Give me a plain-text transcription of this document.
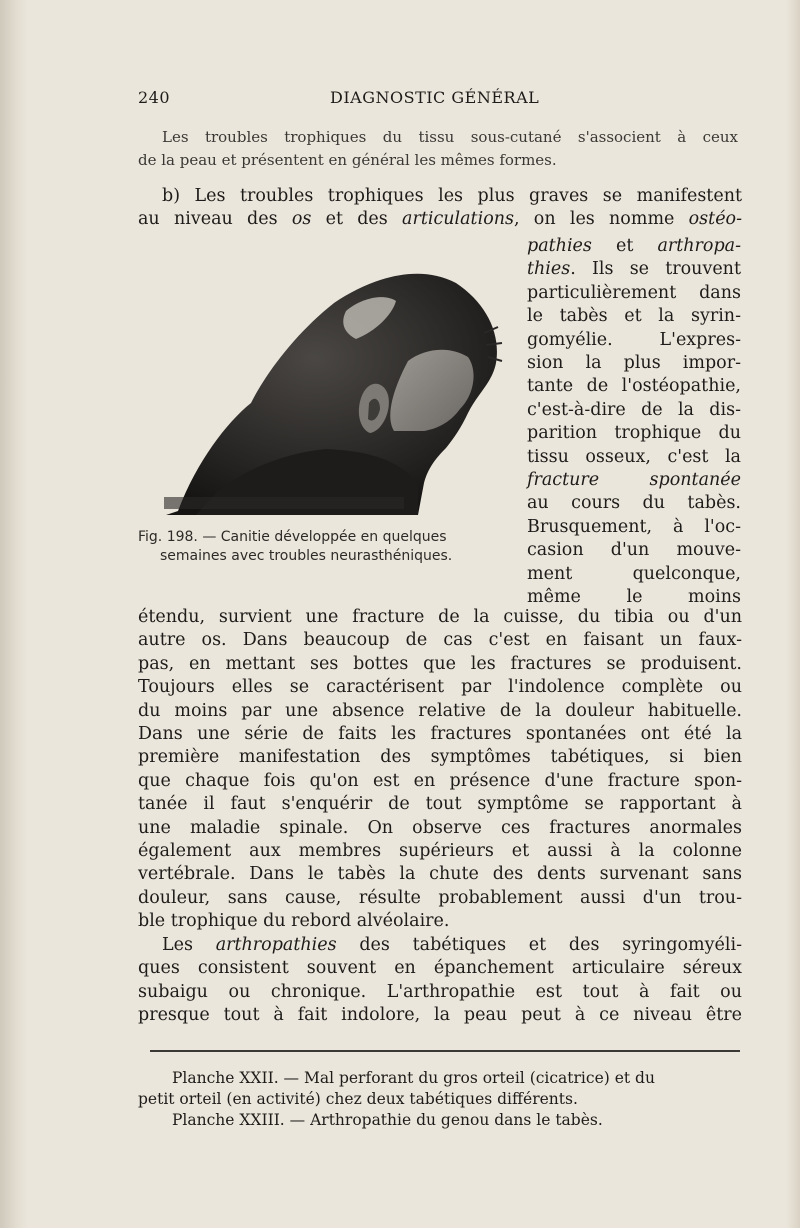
240	DIAGNOSTIC GÉNÉRAL
Les troubles trophiques du tissu sous-cutané s'associent à ceux
de la peau et présentent en général les mêmes formes.
b) Les troubles trophiques les plus graves se manifestent
au niveau des os et des articulations, on les nomme ostéo-
pathies et arthropa-
thies. Ils se trouvent
particulièrement dans
le tabès et la syrin-
gomyélie. L'expres-
sion la plus impor-
tante de l'ostéopathie,
c'est-à-dire de la dis-
parition trophique du
tissu osseux, c'est la
fracture spontanée
au cours du tabès.
Brusquement, à l'oc-
casion d'un mouve-
ment quelconque,
même le moins
Fig. 198. — Canitie développée en quelques
semaines avec troubles neurasthéniques.
étendu, survient une fracture de la cuisse, du tibia ou d'un
autre os. Dans beaucoup de cas c'est en faisant un faux-
pas, en mettant ses bottes que les fractures se produisent.
Toujours elles se caractérisent par l'indolence complète ou
du moins par une absence relative de la douleur habituelle.
Dans une série de faits les fractures spontanées ont été la
première manifestation des symptômes tabétiques, si bien
que chaque fois qu'on est en présence d'une fracture spon-
tanée il faut s'enquérir de tout symptôme se rapportant à
une maladie spinale. On observe ces fractures anormales
également aux membres supérieurs et aussi à la colonne
vertébrale. Dans le tabès la chute des dents survenant sans
douleur, sans cause, résulte probablement aussi d'un trou-
ble trophique du rebord alvéolaire.
Les arthropathies des tabétiques et des syringomyéli-
ques consistent souvent en épanchement articulaire séreux
subaigu ou chronique. L'arthropathie est tout à fait ou
presque tout à fait indolore, la peau peut à ce niveau être
Planche XXII. — Mal perforant du gros orteil (cicatrice) et du
petit orteil (en activité) chez deux tabétiques différents.
Planche XXIII. — Arthropathie du genou dans le tabès.
